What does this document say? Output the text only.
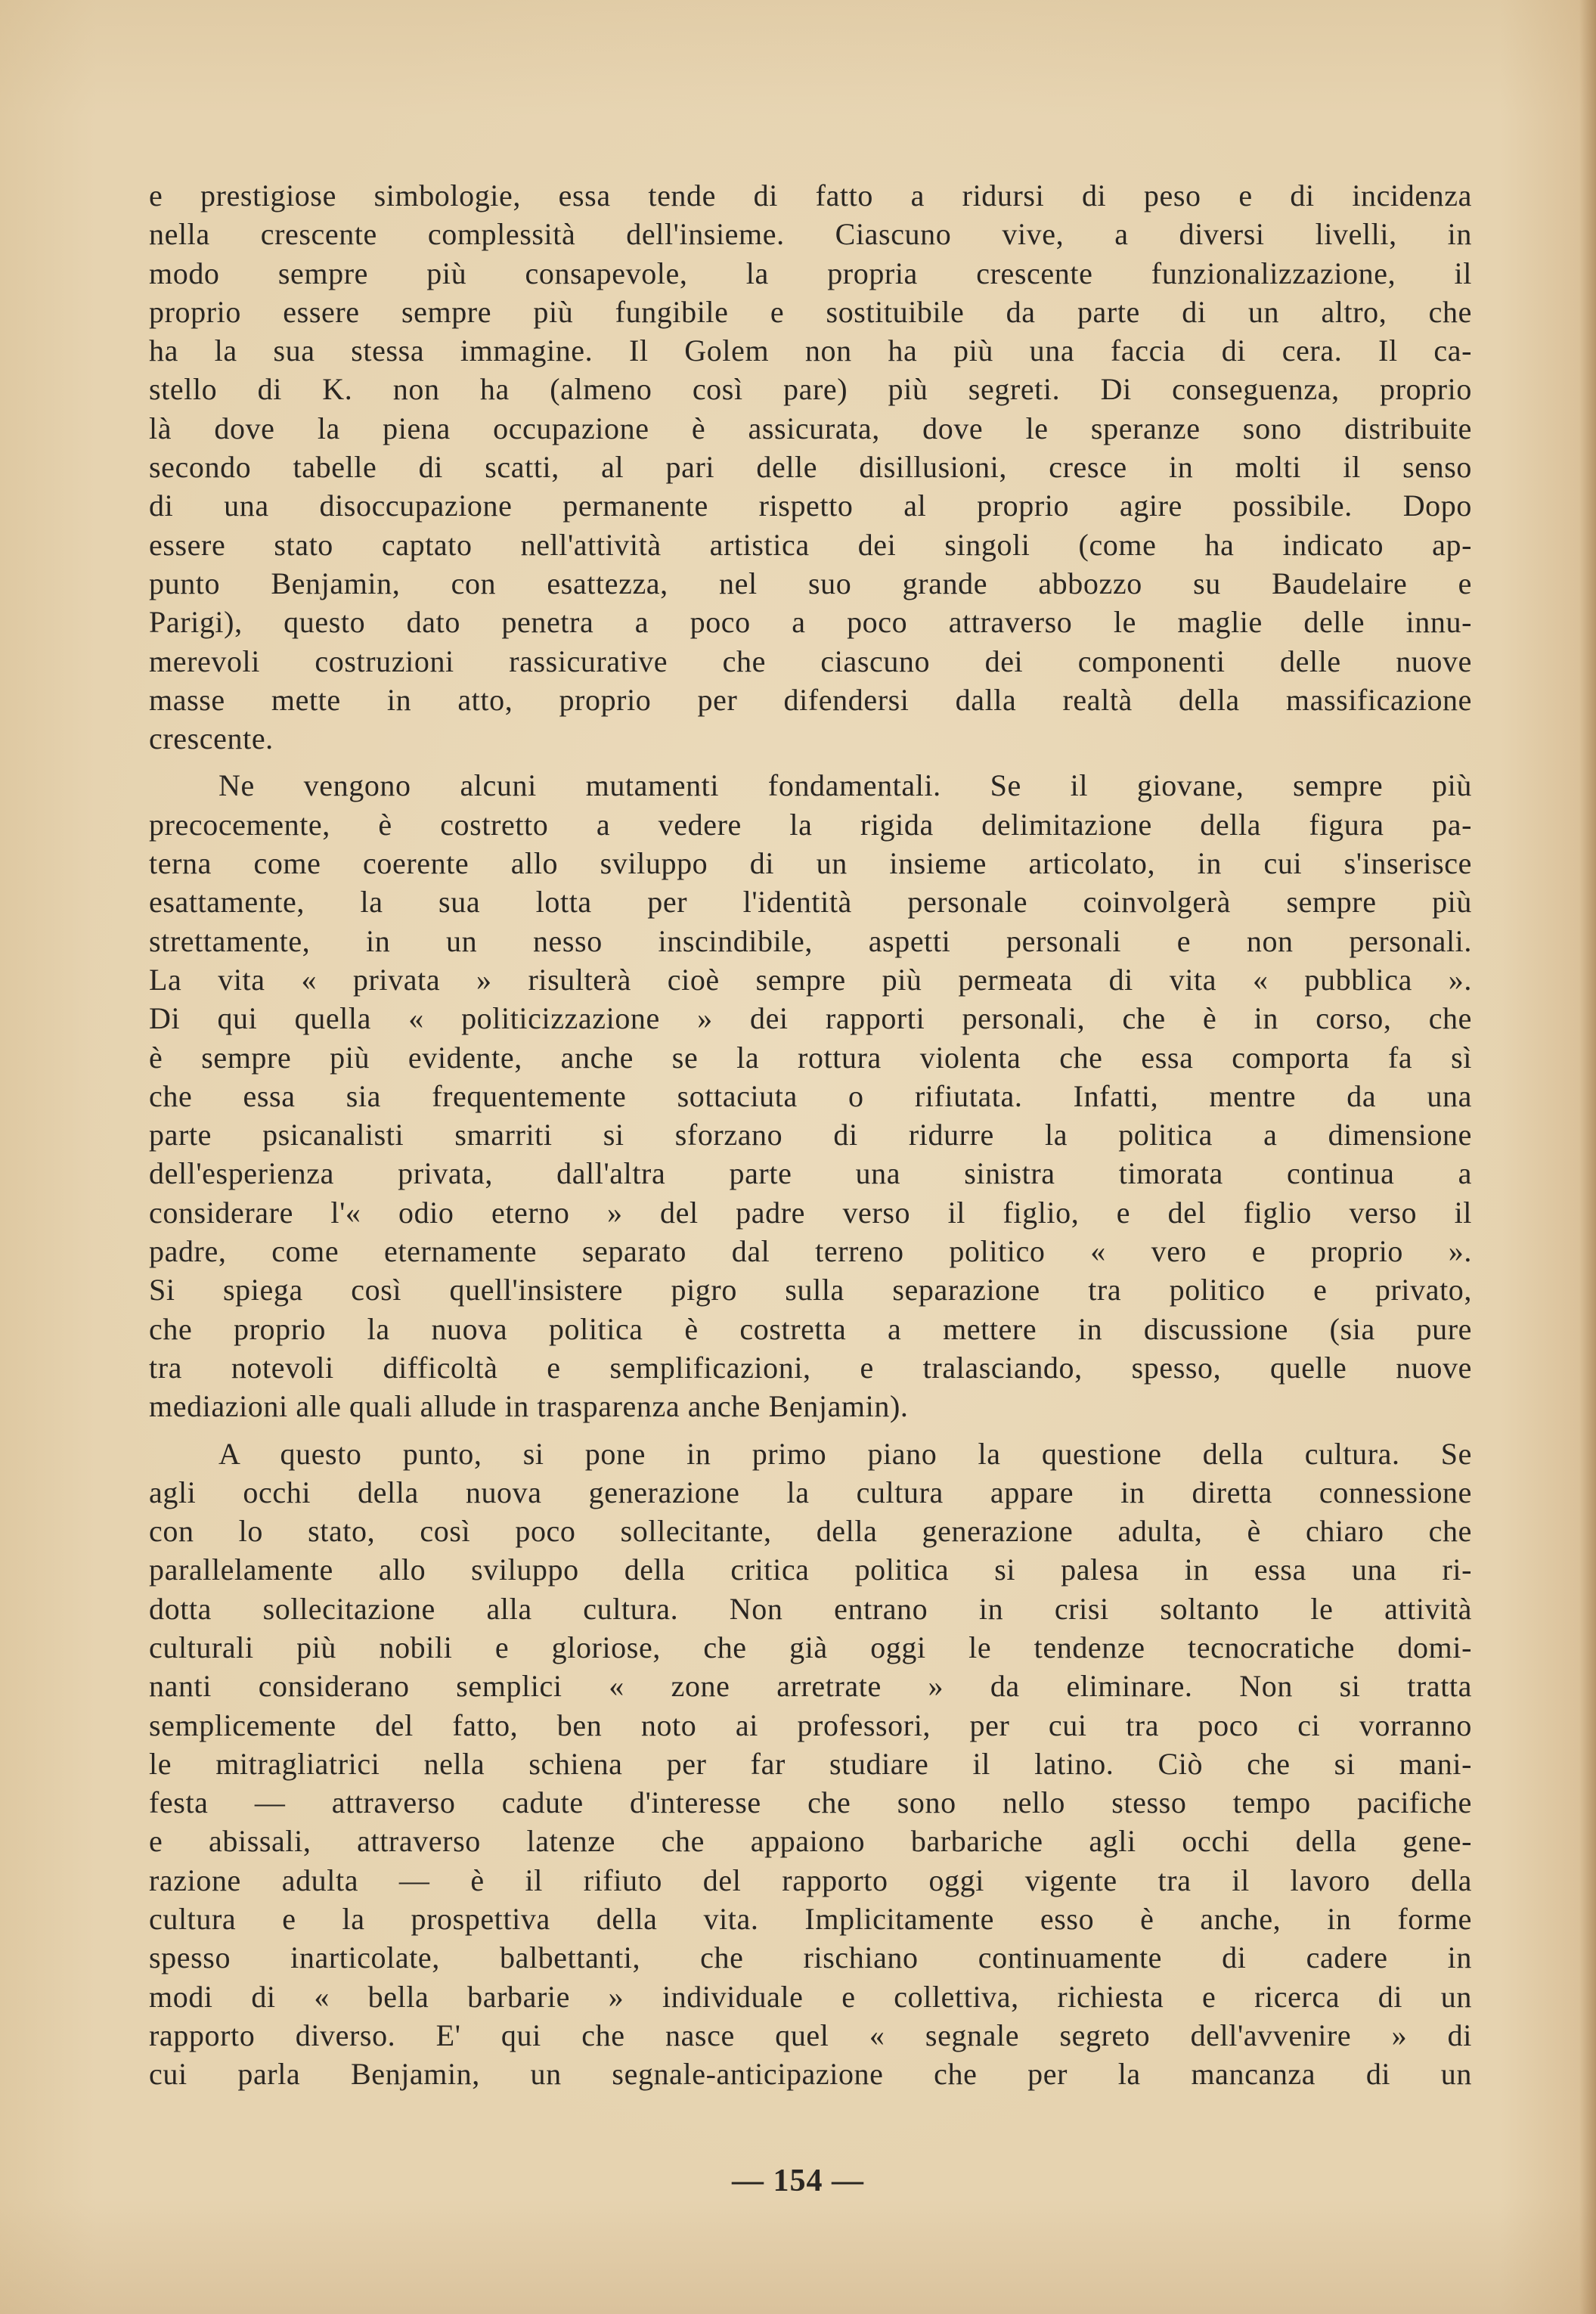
e prestigiose simbologie, essa tende di fatto a ridursi di peso e di incidenza
nella crescente complessità dell'insieme. Ciascuno vive, a diversi livelli, in
modo sempre più consapevole, la propria crescente funzionalizzazione, il
proprio essere sempre più fungibile e sostituibile da parte di un altro, che
ha la sua stessa immagine. Il Golem non ha più una faccia di cera. Il ca-
stello di K. non ha (almeno così pare) più segreti. Di conseguenza, proprio
là dove la piena occupazione è assicurata, dove le speranze sono distribuite
secondo tabelle di scatti, al pari delle disillusioni, cresce in molti il senso
di una disoccupazione permanente rispetto al proprio agire possibile. Dopo
essere stato captato nell'attività artistica dei singoli (come ha indicato ap-
punto Benjamin, con esattezza, nel suo grande abbozzo su Baudelaire e
Parigi), questo dato penetra a poco a poco attraverso le maglie delle innu-
merevoli costruzioni rassicurative che ciascuno dei componenti delle nuove
masse mette in atto, proprio per difendersi dalla realtà della massificazione
crescente.
Ne vengono alcuni mutamenti fondamentali. Se il giovane, sempre più
precocemente, è costretto a vedere la rigida delimitazione della figura pa-
terna come coerente allo sviluppo di un insieme articolato, in cui s'inserisce
esattamente, la sua lotta per l'identità personale coinvolgerà sempre più
strettamente, in un nesso inscindibile, aspetti personali e non personali.
La vita « privata » risulterà cioè sempre più permeata di vita « pubblica ».
Di qui quella « politicizzazione » dei rapporti personali, che è in corso, che
è sempre più evidente, anche se la rottura violenta che essa comporta fa sì
che essa sia frequentemente sottaciuta o rifiutata. Infatti, mentre da una
parte psicanalisti smarriti si sforzano di ridurre la politica a dimensione
dell'esperienza privata, dall'altra parte una sinistra timorata continua a
considerare l'« odio eterno » del padre verso il figlio, e del figlio verso il
padre, come eternamente separato dal terreno politico « vero e proprio ».
Si spiega così quell'insistere pigro sulla separazione tra politico e privato,
che proprio la nuova politica è costretta a mettere in discussione (sia pure
tra notevoli difficoltà e semplificazioni, e tralasciando, spesso, quelle nuove
mediazioni alle quali allude in trasparenza anche Benjamin).
A questo punto, si pone in primo piano la questione della cultura. Se
agli occhi della nuova generazione la cultura appare in diretta connessione
con lo stato, così poco sollecitante, della generazione adulta, è chiaro che
parallelamente allo sviluppo della critica politica si palesa in essa una ri-
dotta sollecitazione alla cultura. Non entrano in crisi soltanto le attività
culturali più nobili e gloriose, che già oggi le tendenze tecnocratiche domi-
nanti considerano semplici « zone arretrate » da eliminare. Non si tratta
semplicemente del fatto, ben noto ai professori, per cui tra poco ci vorranno
le mitragliatrici nella schiena per far studiare il latino. Ciò che si mani-
festa — attraverso cadute d'interesse che sono nello stesso tempo pacifiche
e abissali, attraverso latenze che appaiono barbariche agli occhi della gene-
razione adulta — è il rifiuto del rapporto oggi vigente tra il lavoro della
cultura e la prospettiva della vita. Implicitamente esso è anche, in forme
spesso inarticolate, balbettanti, che rischiano continuamente di cadere in
modi di « bella barbarie » individuale e collettiva, richiesta e ricerca di un
rapporto diverso. E' qui che nasce quel « segnale segreto dell'avvenire » di
cui parla Benjamin, un segnale-anticipazione che per la mancanza di un
— 154 —
